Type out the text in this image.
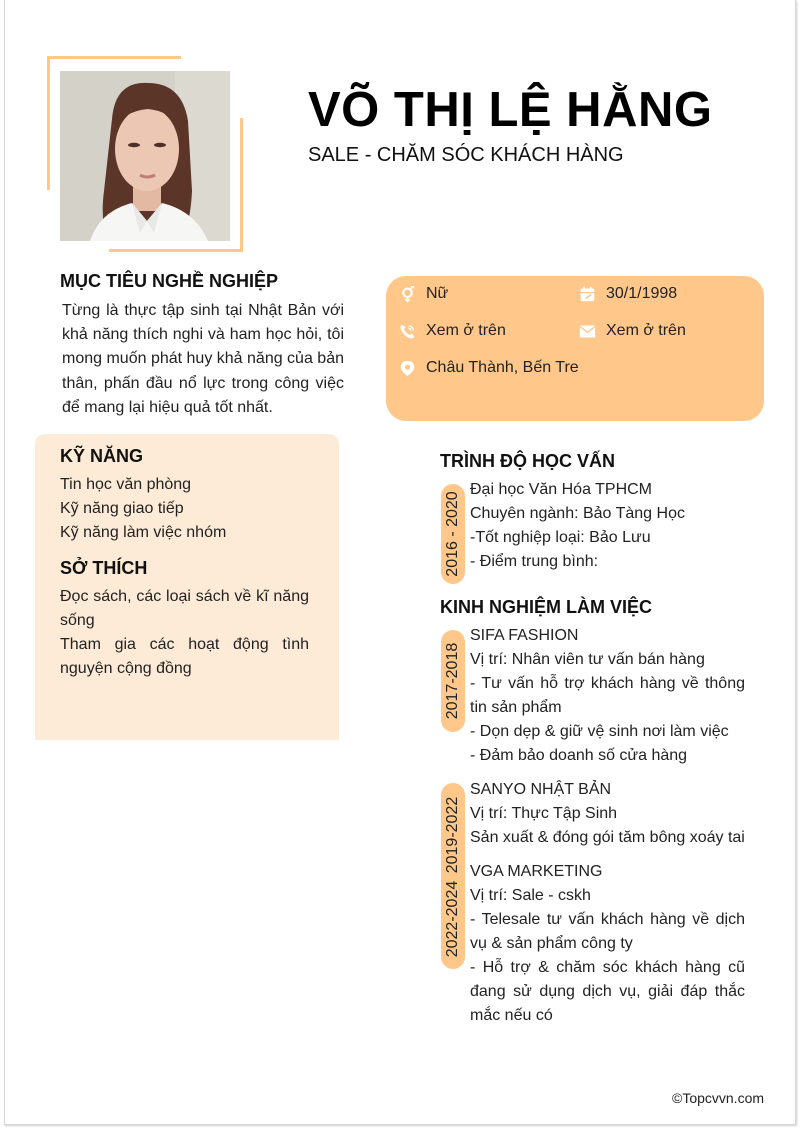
VÕ THỊ LỆ HẰNG
SALE - CHĂM SÓC KHÁCH HÀNG
MỤC TIÊU NGHỀ NGHIỆP
Từng là thực tập sinh tại Nhật Bản với khả năng thích nghi và ham học hỏi, tôi mong muốn phát huy khả năng của bản thân, phấn đầu nổ lực trong công việc để mang lại hiệu quả tốt nhất.
Nữ	30/1/1998
Xem ở trên	Xem ở trên
Châu Thành, Bến Tre
KỸ NĂNG
Tin học văn phòng
Kỹ năng giao tiếp
Kỹ năng làm việc nhóm
SỞ THÍCH
Đọc sách, các loại sách về kĩ năng sống
Tham gia các hoạt động tình nguyện cộng đồng
TRÌNH ĐỘ HỌC VẤN
2016 - 2020
Đại học Văn Hóa TPHCM
Chuyên ngành: Bảo Tàng Học
-Tốt nghiệp loại: Bảo Lưu
- Điểm trung bình:
KINH NGHIỆM LÀM VIỆC
2017-2018
SIFA FASHION
Vị trí: Nhân viên tư vấn bán hàng
- Tư vấn hỗ trợ khách hàng về thông tin sản phẩm
- Dọn dẹp & giữ vệ sinh nơi làm việc
- Đảm bảo doanh số cửa hàng
2019-2022
2022-2024
SANYO NHẬT BẢN
Vị trí: Thực Tập Sinh
Sản xuất & đóng gói tăm bông xoáy tai
VGA MARKETING
Vị trí: Sale - cskh
- Telesale tư vấn khách hàng về dịch vụ & sản phẩm công ty
- Hỗ trợ & chăm sóc khách hàng cũ đang sử dụng dịch vụ, giải đáp thắc mắc nếu có
©Topcvvn.com
